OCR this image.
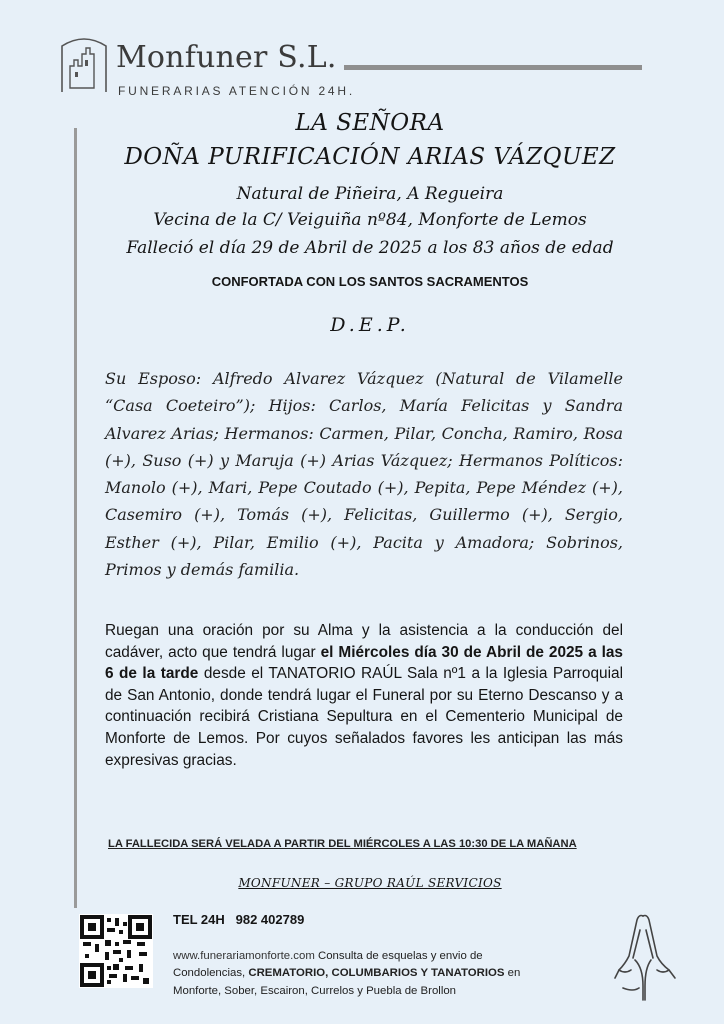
Monfuner S.L.
FUNERARIAS ATENCIÓN 24H.
LA SEÑORA
DOÑA PURIFICACIÓN ARIAS VÁZQUEZ
Natural de Piñeira, A Regueira
Vecina de la C/ Veiguiña nº84, Monforte de Lemos
Falleció el día 29 de Abril de 2025 a los 83 años de edad
CONFORTADA CON LOS SANTOS SACRAMENTOS
D.E.P.
Su Esposo: Alfredo Alvarez Vázquez (Natural de Vilamelle “Casa Coeteiro”); Hijos: Carlos, María Felicitas y Sandra Alvarez Arias; Hermanos: Carmen, Pilar, Concha, Ramiro, Rosa (+), Suso (+) y Maruja (+) Arias Vázquez; Hermanos Políticos: Manolo (+), Mari, Pepe Coutado (+), Pepita, Pepe Méndez (+), Casemiro (+), Tomás (+), Felicitas, Guillermo (+), Sergio, Esther (+), Pilar, Emilio (+), Pacita y Amadora; Sobrinos, Primos y demás familia.
Ruegan una oración por su Alma y la asistencia a la conducción del cadáver, acto que tendrá lugar el Miércoles día 30 de Abril de 2025 a las 6 de la tarde desde el TANATORIO RAÚL Sala nº1 a la Iglesia Parroquial de San Antonio, donde tendrá lugar el Funeral por su Eterno Descanso y a continuación recibirá Cristiana Sepultura en el Cementerio Municipal de Monforte de Lemos. Por cuyos señalados favores les anticipan las más expresivas gracias.
LA FALLECIDA SERÁ VELADA A PARTIR DEL MIÉRCOLES A LAS 10:30 DE LA MAÑANA
MONFUNER – GRUPO RAÚL SERVICIOS
TEL 24H 982 402789
www.funerariamonforte.com Consulta de esquelas y envio de
Condolencias, CREMATORIO, COLUMBARIOS Y TANATORIOS en
Monforte, Sober, Escairon, Currelos y Puebla de Brollon
